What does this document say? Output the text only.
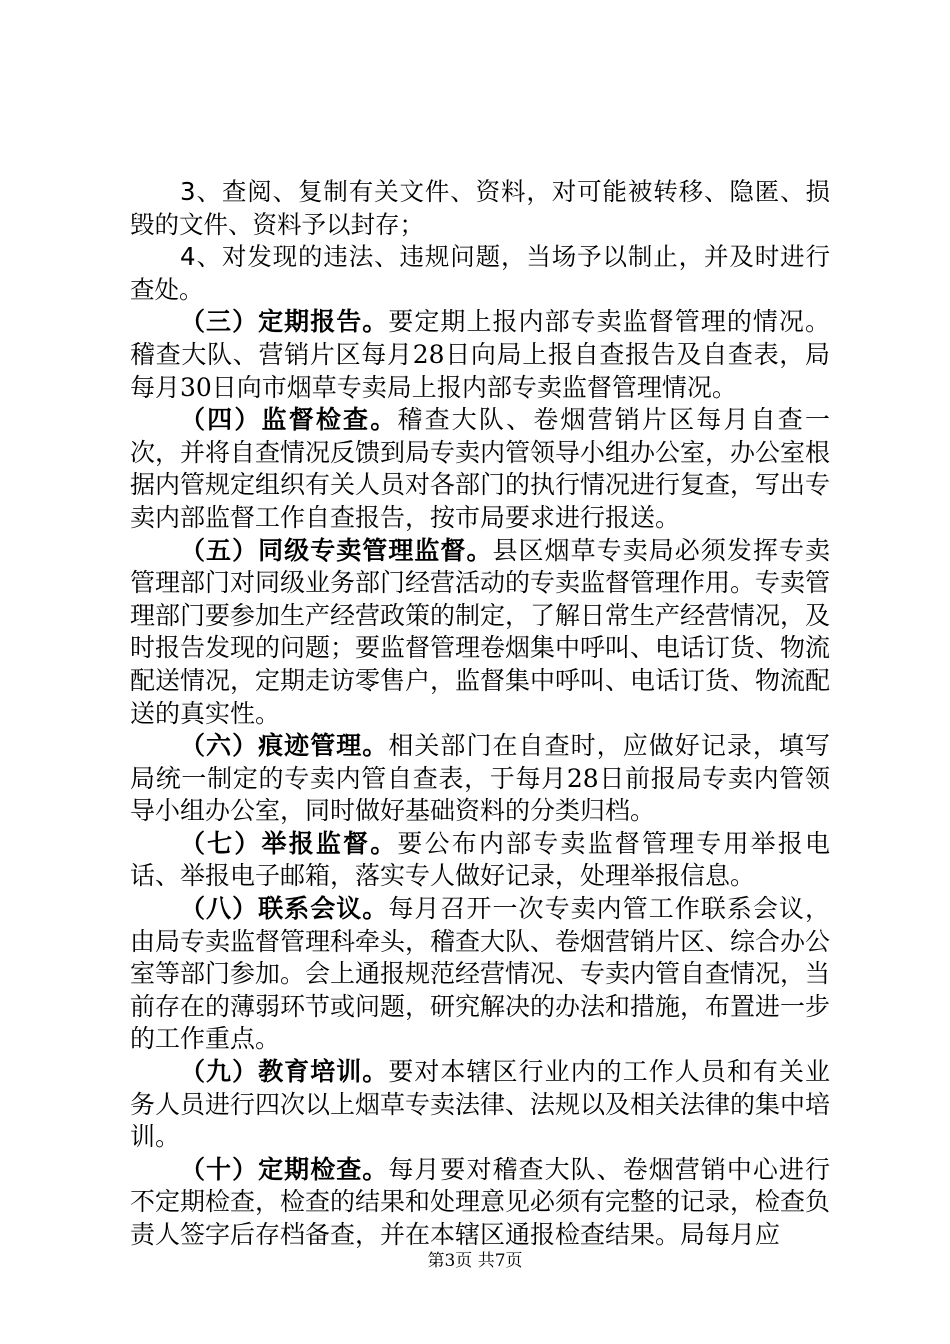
3、查阅、复制有关文件、资料，对可能被转移、隐匿、损毁的文件、资料予以封存；

4、对发现的违法、违规问题，当场予以制止，并及时进行查处。

（三）定期报告。要定期上报内部专卖监督管理的情况。稽查大队、营销片区每月28日向局上报自查报告及自查表，局每月30日向市烟草专卖局上报内部专卖监督管理情况。

（四）监督检查。稽查大队、卷烟营销片区每月自查一次，并将自查情况反馈到局专卖内管领导小组办公室，办公室根据内管规定组织有关人员对各部门的执行情况进行复查，写出专卖内部监督工作自查报告，按市局要求进行报送。

（五）同级专卖管理监督。县区烟草专卖局必须发挥专卖管理部门对同级业务部门经营活动的专卖监督管理作用。专卖管理部门要参加生产经营政策的制定，了解日常生产经营情况，及时报告发现的问题；要监督管理卷烟集中呼叫、电话订货、物流配送情况，定期走访零售户，监督集中呼叫、电话订货、物流配送的真实性。

（六）痕迹管理。相关部门在自查时，应做好记录，填写局统一制定的专卖内管自查表，于每月28日前报局专卖内管领导小组办公室，同时做好基础资料的分类归档。

（七）举报监督。要公布内部专卖监督管理专用举报电话、举报电子邮箱，落实专人做好记录，处理举报信息。

（八）联系会议。每月召开一次专卖内管工作联系会议，由局专卖监督管理科牵头，稽查大队、卷烟营销片区、综合办公室等部门参加。会上通报规范经营情况、专卖内管自查情况，当前存在的薄弱环节或问题，研究解决的办法和措施，布置进一步的工作重点。

（九）教育培训。要对本辖区行业内的工作人员和有关业务人员进行四次以上烟草专卖法律、法规以及相关法律的集中培训。

（十）定期检查。每月要对稽查大队、卷烟营销中心进行不定期检查，检查的结果和处理意见必须有完整的记录，检查负责人签字后存档备查，并在本辖区通报检查结果。局每月应

第3页 共7页
